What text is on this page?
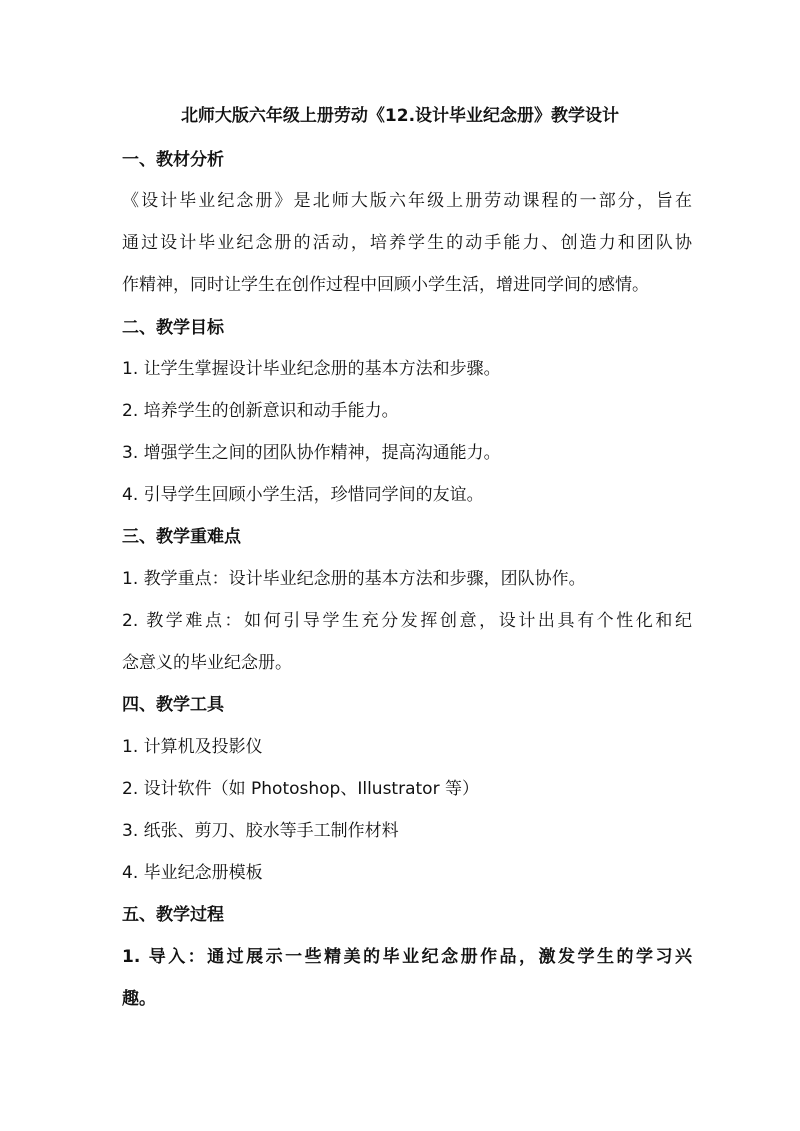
北师大版六年级上册劳动《12.设计毕业纪念册》教学设计
一、教材分析
《设计毕业纪念册》是北师大版六年级上册劳动课程的一部分，旨在
通过设计毕业纪念册的活动，培养学生的动手能力、创造力和团队协
作精神，同时让学生在创作过程中回顾小学生活，增进同学间的感情。
二、教学目标
1. 让学生掌握设计毕业纪念册的基本方法和步骤。
2. 培养学生的创新意识和动手能力。
3. 增强学生之间的团队协作精神，提高沟通能力。
4. 引导学生回顾小学生活，珍惜同学间的友谊。
三、教学重难点
1. 教学重点：设计毕业纪念册的基本方法和步骤，团队协作。
2. 教学难点：如何引导学生充分发挥创意，设计出具有个性化和纪
念意义的毕业纪念册。
四、教学工具
1. 计算机及投影仪
2. 设计软件（如 Photoshop、Illustrator 等）
3. 纸张、剪刀、胶水等手工制作材料
4. 毕业纪念册模板
五、教学过程
1. 导入：通过展示一些精美的毕业纪念册作品，激发学生的学习兴
趣。
